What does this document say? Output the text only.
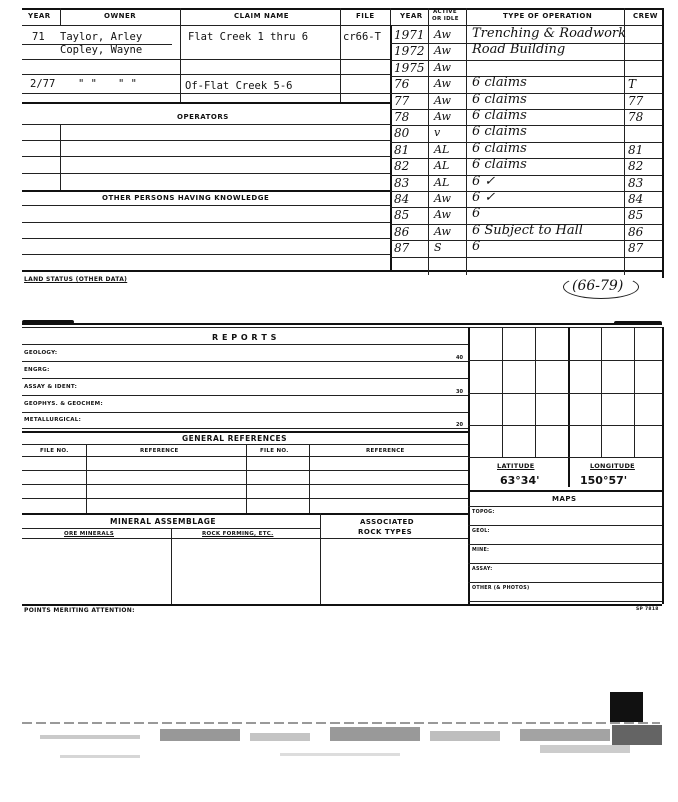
YEAR	OWNER	CLAIM NAME	FILE	YEAR ACTIVE
OR IDLE	TYPE OF OPERATION	CREW
71 Taylor, Arley
Copley, Wayne
Flat Creek 1 thru 6	cr66-T
2/77 " " " "	Of-Flat Creek 5-6
OPERATORS
OTHER PERSONS HAVING KNOWLEDGE
LAND STATUS (OTHER DATA)
1971 Aw Trenching & Roadwork
1972 Aw Road Building
1975 Aw
76 Aw 6 claims	T
77 Aw 6 claims	77
78 Aw 6 claims	78
80 v 6 claims
81 AL 6 claims	81
82 AL 6 claims	82
83 AL 6 ✓	83
84 Aw 6 ✓	84
85 Aw 6	85
86 Aw 6 Subject to Hall	86
87 S 6	87
(66-79)
R E P O R T S
GEOLOGY:
40
ENGRG:
ASSAY & IDENT:
30
GEOPHYS. & GEOCHEM:
METALLURGICAL:
20
LATITUDE	LONGITUDE
63°34'	150°57'
MAPS
TOPOG:
GEOL:
MINE:
ASSAY:
OTHER (& PHOTOS)
GENERAL REFERENCES
FILE NO.	REFERENCE	FILE NO.	REFERENCE
MINERAL ASSEMBLAGE
ORE MINERALS	ROCK FORMING, ETC.
ASSOCIATED
ROCK TYPES
POINTS MERITING ATTENTION:	SP 7818
